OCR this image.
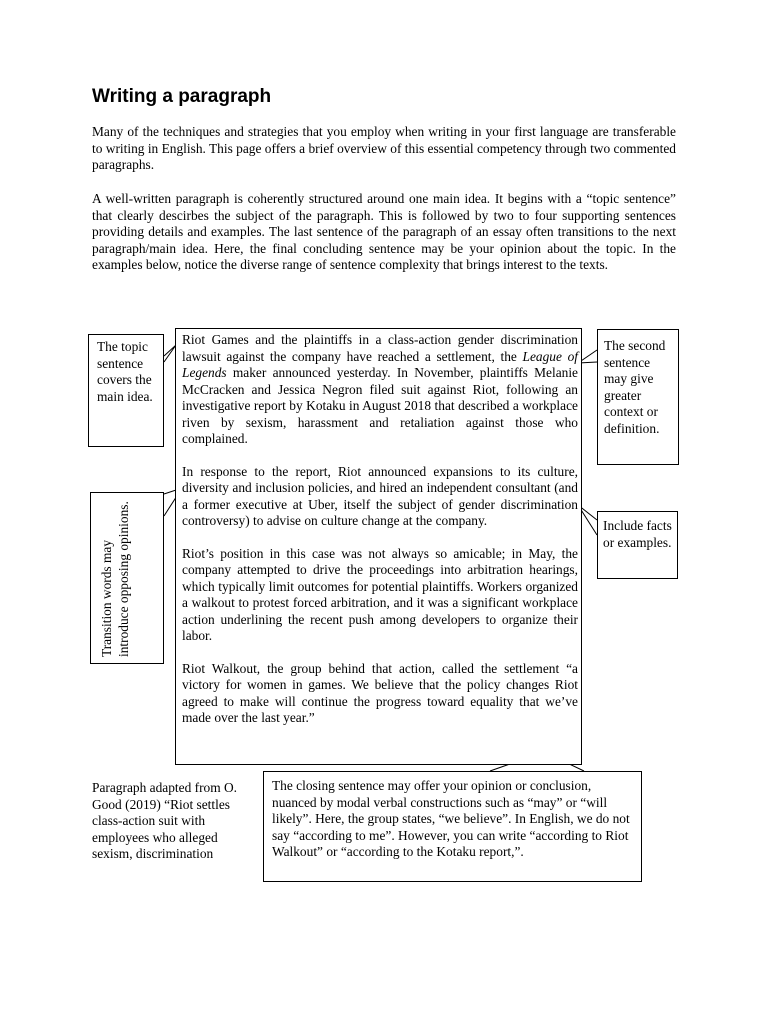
Writing a paragraph

Many of the techniques and strategies that you employ when writing in your first language are transferable to writing in English. This page offers a brief overview of this essential competency through two commented paragraphs.

A well-written paragraph is coherently structured around one main idea. It begins with a “topic sentence” that clearly descirbes the subject of the paragraph. This is followed by two to four supporting sentences providing details and examples. The last sentence of the paragraph of an essay often transitions to the next paragraph/main idea. Here, the final concluding sentence may be your opinion about the topic. In the examples below, notice the diverse range of sentence complexity that brings interest to the texts.

The topic sentence covers the main idea.

Riot Games and the plaintiffs in a class-action gender discrimination lawsuit against the company have reached a settlement, the League of Legends maker announced yesterday. In November, plaintiffs Melanie McCracken and Jessica Negron filed suit against Riot, following an investigative report by Kotaku in August 2018 that described a workplace riven by sexism, harassment and retaliation against those who complained.

In response to the report, Riot announced expansions to its culture, diversity and inclusion policies, and hired an independent consultant (and a former executive at Uber, itself the subject of gender discrimination controversy) to advise on culture change at the company.

Riot’s position in this case was not always so amicable; in May, the company attempted to drive the proceedings into arbitration hearings, which typically limit outcomes for potential plaintiffs. Workers organized a walkout to protest forced arbitration, and it was a significant workplace action underlining the recent push among developers to organize their labor.

Riot Walkout, the group behind that action, called the settlement “a victory for women in games. We believe that the policy changes Riot agreed to make will continue the progress toward equality that we’ve made over the last year.”

The second sentence may give greater context or definition.
Include facts or examples.
Transition words may introduce opposing opinions.
Paragraph adapted from O. Good (2019) “Riot settles class-action suit with employees who alleged sexism, discrimination
The closing sentence may offer your opinion or conclusion, nuanced by modal verbal constructions such as “may” or “will likely”. Here, the group states, “we believe”. In English, we do not say “according to me”. However, you can write “according to Riot Walkout” or “according to the Kotaku report,”.
